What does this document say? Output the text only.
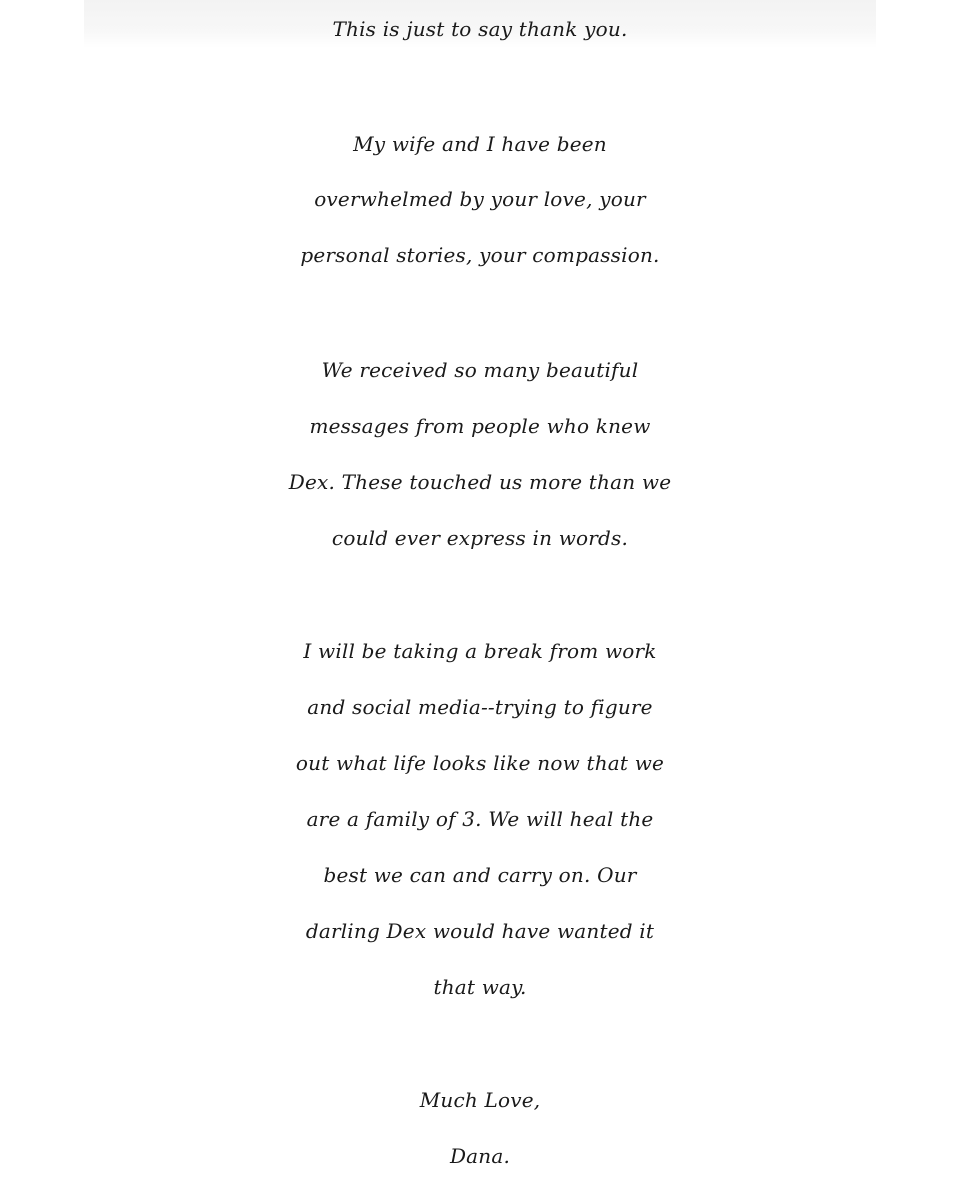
This is just to say thank you.
My wife and I have been
overwhelmed by your love, your
personal stories, your compassion.
We received so many beautiful
messages from people who knew
Dex. These touched us more than we
could ever express in words.
I will be taking a break from work
and social media--trying to figure
out what life looks like now that we
are a family of 3. We will heal the
best we can and carry on. Our
darling Dex would have wanted it
that way.
Much Love,
Dana.
